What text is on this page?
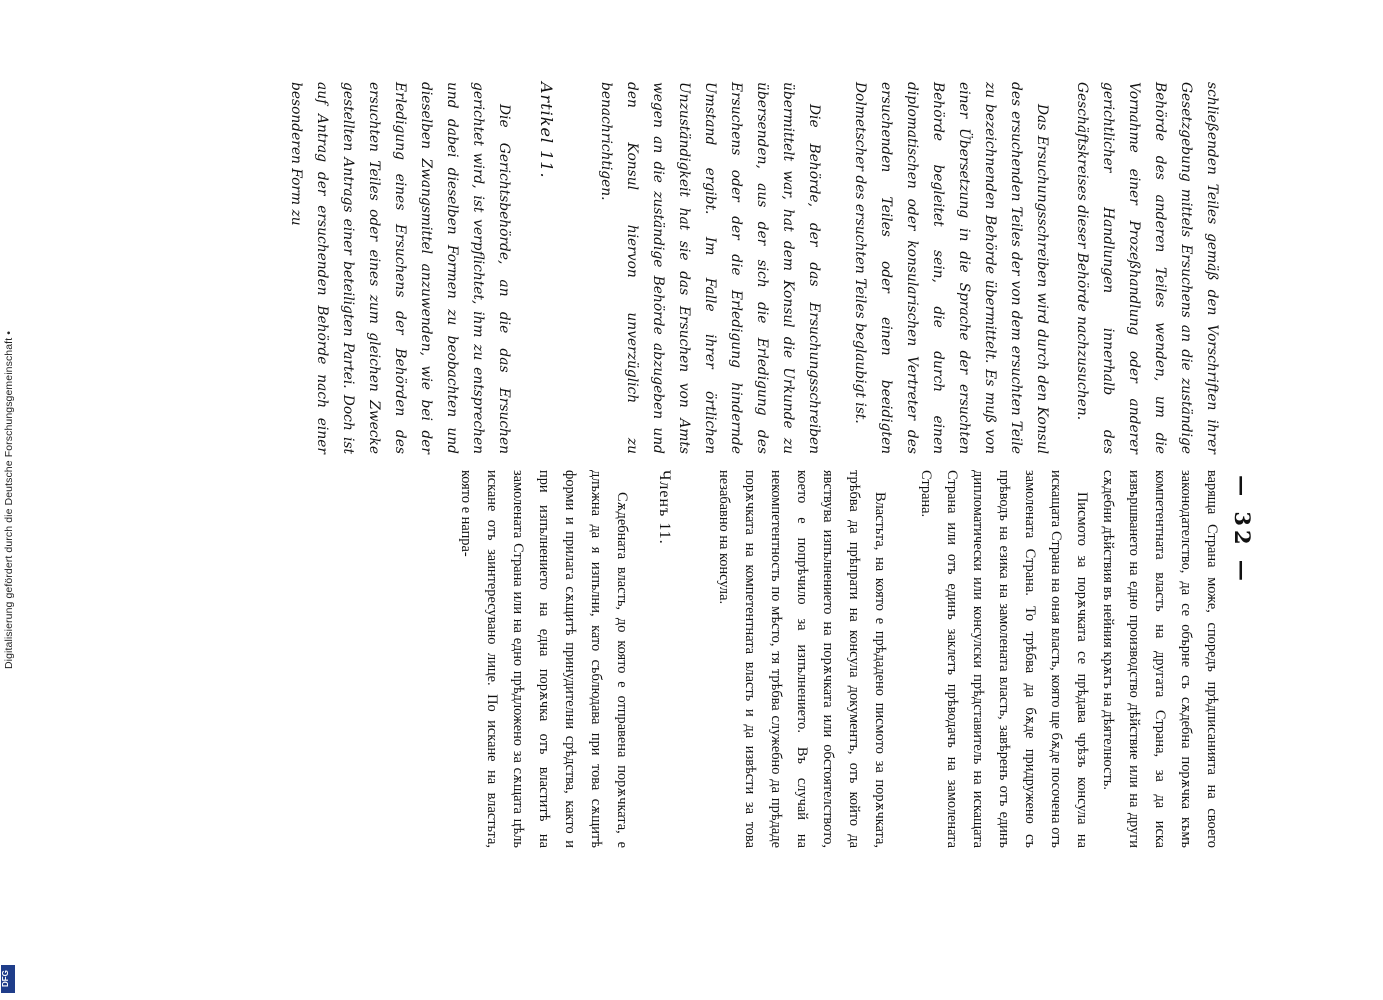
— 32 —

варяща Страна може, споредъ прѣдписанията на своего законодателство, да се обърне съ сѫдебна порѫчка къмъ компетентната власть на другата Страна, за да иска извършването на едно производство дѣйствие или на други сѫдебни дѣйствия въ нейния крѫгъ на дѣятелность.

Писмото за порѫчката се прѣдава чрѣзъ консула на искащата Страна на оная власть, която ще бѫде посочена отъ замолената Страна. То трѣбва да бѫде придружено съ прѣводъ на езика на замолената власть, завѣренъ отъ единъ дипломатически или консулски прѣдставитель на искащата Страна или отъ единъ заклетъ прѣводачъ на замолената Страна.

Властьта, на която е прѣдадено писмото за порѫчката, трѣбва да прѣпрати на консула документъ, отъ който да явствува изпълнението на порѫчката или обстоятелството, което е попрѣчило за изпълнението. Въ случай на некомпетентность по мѣсто, тя трѣбва служебно да прѣдаде порѫчката на компетентната власть и да извѣсти за това незабавно на консула.

Членъ 11.

Сѫдебната власть, до която е отправена порѫчката, е длъжна да я изпълни, като съблюдава при това сѫщитѣ форми и прилага сѫщитѣ принудителни срѣдства, както и при изпълнението на една порѫчка отъ властитѣ на замолената Страна или на едно прѣдложено за сѫщата цѣль искане отъ заинтересувано лице. По искане на властьта, която е напра-

schließenden Teiles gemäß den Vorschriften ihrer Gesetzgebung mittels Ersuchens an die zuständige Behörde des anderen Teiles wenden, um die Vornahme einer Prozeßhandlung oder anderer gerichtlicher Handlungen innerhalb des Geschäftskreises dieser Behörde nachzusuchen.

Das Ersuchungsschreiben wird durch den Konsul des ersuchenden Teiles der von dem ersuchten Teile zu bezeichnenden Behörde übermittelt. Es muß von einer Übersetzung in die Sprache der ersuchten Behörde begleitet sein, die durch einen diplomatischen oder konsularischen Vertreter des ersuchenden Teiles oder einen beeidigten Dolmetscher des ersuchten Teiles beglaubigt ist.

Die Behörde, der das Ersuchungsschreiben übermittelt war, hat dem Konsul die Urkunde zu übersenden, aus der sich die Erledigung des Ersuchens oder der die Erledigung hindernde Umstand ergibt. Im Falle ihrer örtlichen Unzuständigkeit hat sie das Ersuchen von Amts wegen an die zuständige Behörde abzugeben und den Konsul hiervon unverzüglich zu benachrichtigen.

Artikel 11.

Die Gerichtsbehörde, an die das Ersuchen gerichtet wird, ist verpflichtet, ihm zu entsprechen und dabei dieselben Formen zu beobachten und dieselben Zwangsmittel anzuwenden, wie bei der Erledigung eines Ersuchens der Behörden des ersuchten Teiles oder eines zum gleichen Zwecke gestellten Antrags einer beteiligten Partei. Doch ist auf Antrag der ersuchenden Behörde nach einer besonderen Form zu

Digitalisierung gefördert durch die Deutsche Forschungsgemeinschaft •
DFG
